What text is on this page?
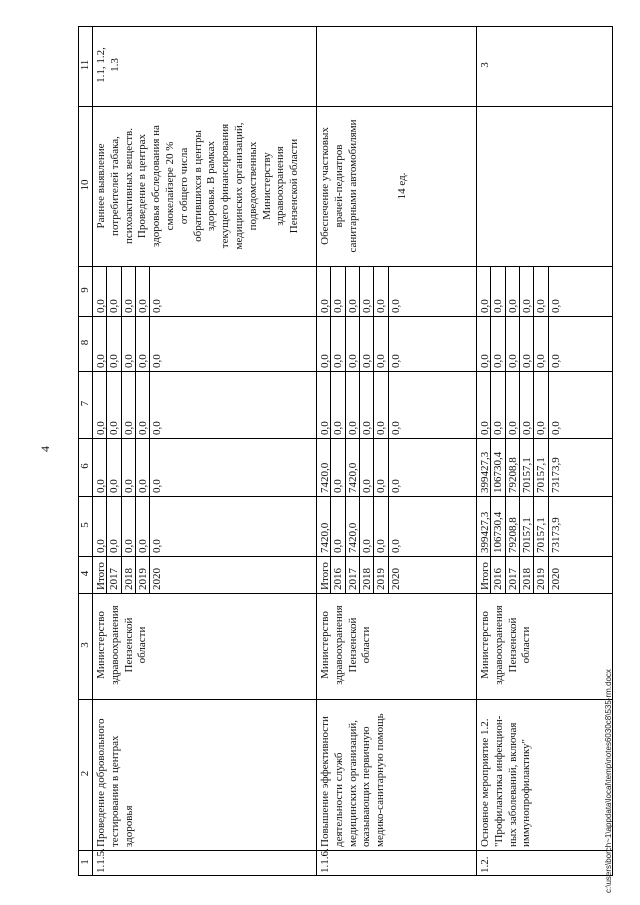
4
1
2
3
4
5
6
7
8
9
10
11
1.1.5.
Проведение добровольного тестирования в центрах здоровья
Министерство здравоохранения Пензенской области
Итого
0,0
0,0
0,0
0,0
0,0
2017
0,0
0,0
0,0
0,0
0,0
2018
0,0
0,0
0,0
0,0
0,0
2019
0,0
0,0
0,0
0,0
0,0
2020
0,0
0,0
0,0
0,0
0,0
Раннее выявление потребителей табака, психоактивных веществ. Проведение в центрах здоровья обследования на смокелайзере 20 % от общего числа обратившихся в центры здоровья. В рамках текущего финансирования медицинских организаций, подведомственных Министерству здравоохранения Пензенской области
1.1, 1.2, 1.3
1.1.6.
Повышение эффективности деятельности служб медицинских организаций, оказывающих первичную медико-санитарную помощь
Министерство здравоохранения Пензенской области
Итого
7420,0
7420,0
0,0
0,0
0,0
2016
0,0
0,0
0,0
0,0
0,0
2017
7420,0
7420,0
0,0
0,0
0,0
2018
0,0
0,0
0,0
0,0
0,0
2019
0,0
0,0
0,0
0,0
0,0
2020
0,0
0,0
0,0
0,0
0,0
Обеспечение участковых врачей-педиатров санитарными автомобилями	14 ед.
1.2.
Основное мероприятие 1.2. "Профилактика инфекцион- ных заболеваний, включая иммунопрофилактику"
Министерство здравоохранения Пензенской области
Итого
399427,3
399427,3
0,0
0,0
0,0
2016
106730,4
106730,4
0,0
0,0
0,0
2017
79208,8
79208,8
0,0
0,0
0,0
2018
70157,1
70157,1
0,0
0,0
0,0
2019
70157,1
70157,1
0,0
0,0
0,0
2020
73173,9
73173,9
0,0
0,0
0,0
3
c:\users\borch~1\appdata\local\temp\notes6030c8\535-rm.docx
